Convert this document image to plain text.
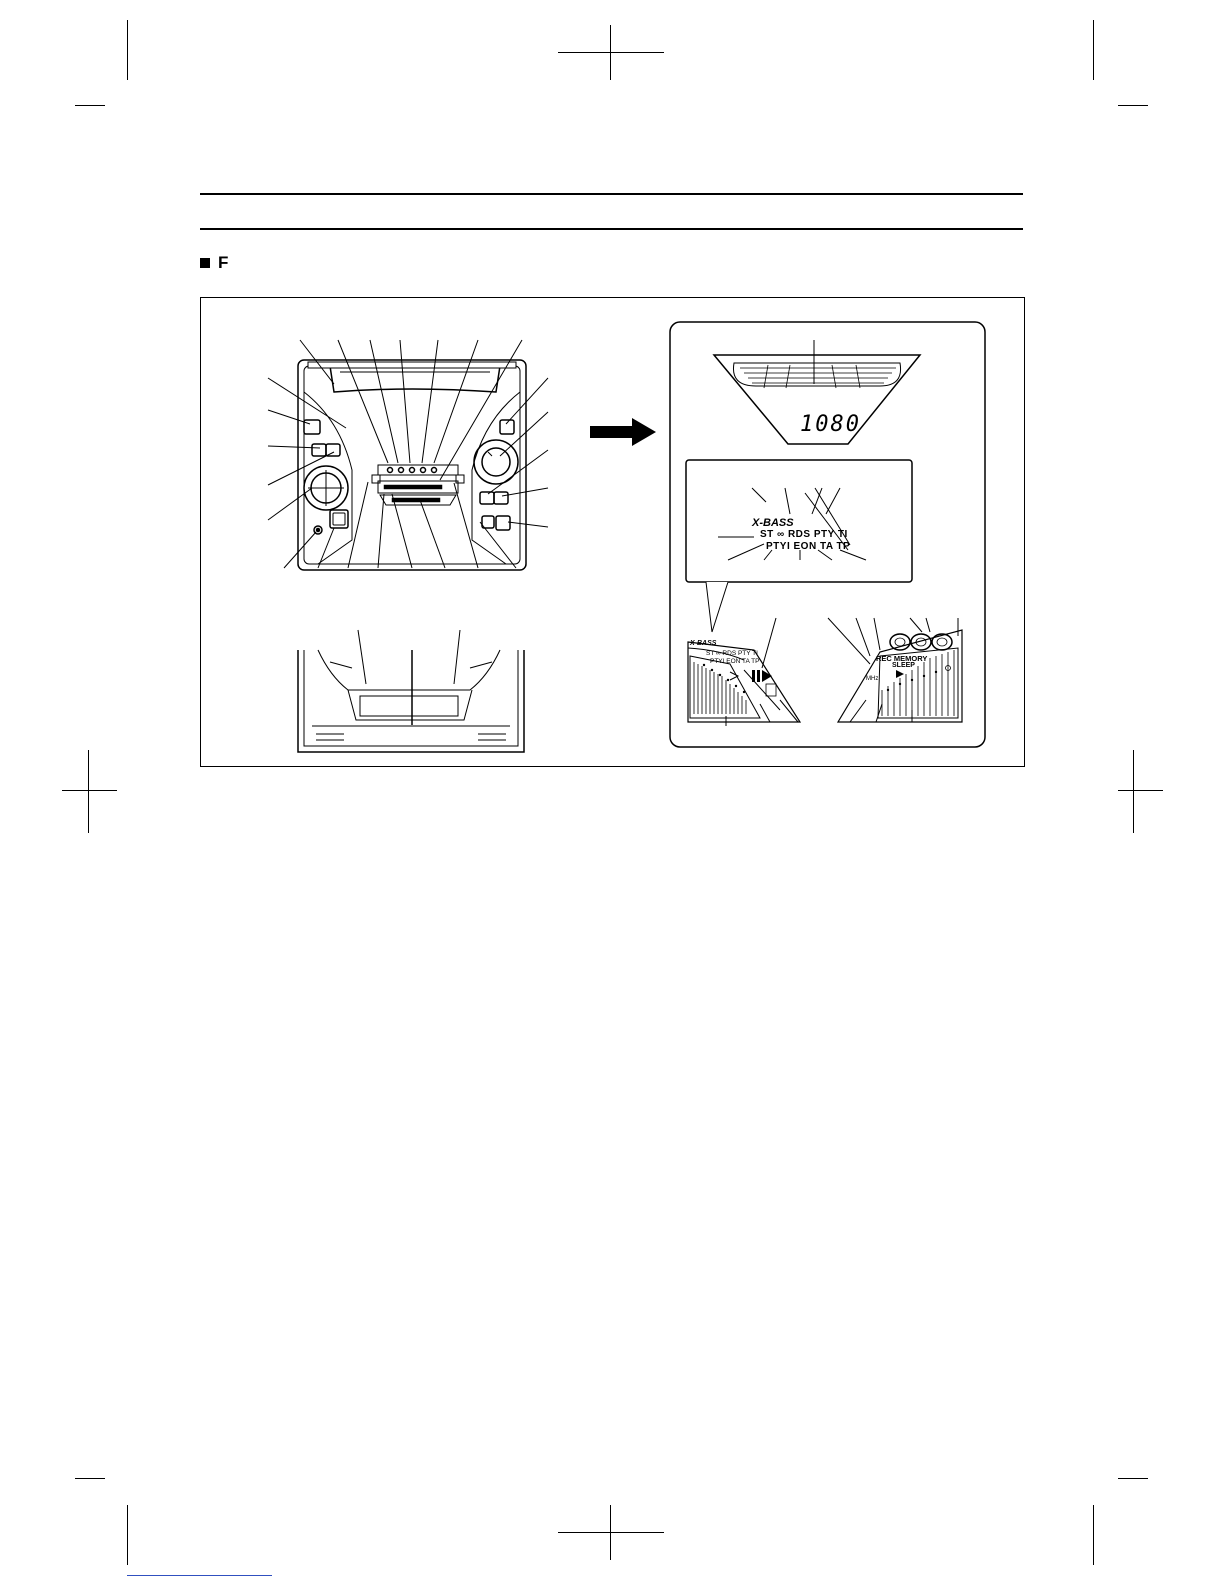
F
1080
X-BASS
ST ∞ RDS PTY TI
PTYI EON TA TP
X-BASS
ST ∞ RDS PTY TI
PTYI EON TA TP	REC MEMORY
SLEEP
MHz
